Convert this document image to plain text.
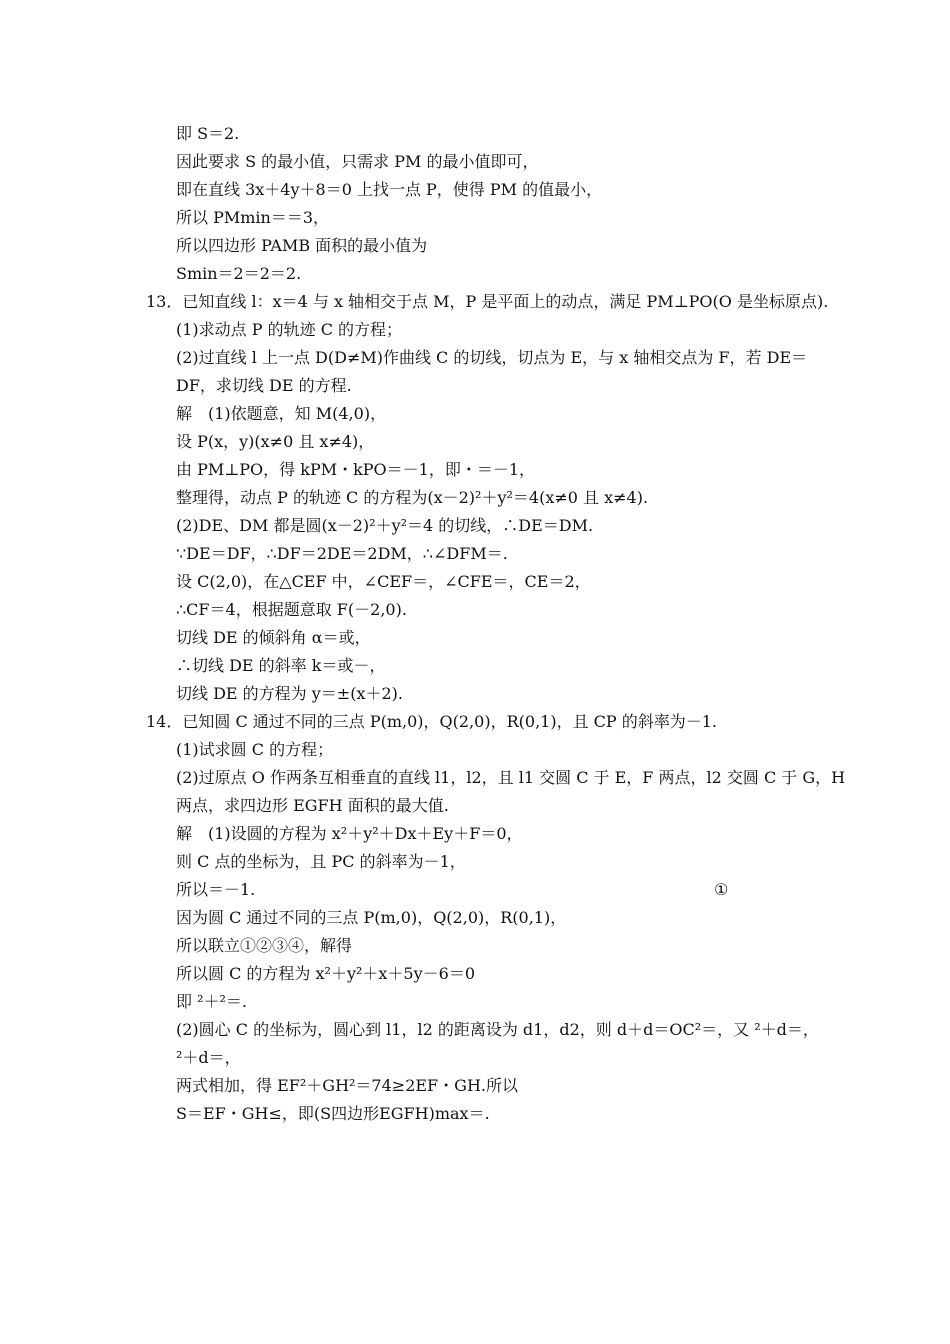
即 S＝2.
因此要求 S 的最小值，只需求 PM 的最小值即可，
即在直线 3x＋4y＋8＝0 上找一点 P，使得 PM 的值最小，
所以 PMmin＝＝3，
所以四边形 PAMB 面积的最小值为
Smin＝2＝2＝2.
13．已知直线 l：x＝4 与 x 轴相交于点 M，P 是平面上的动点，满足 PM⊥PO(O 是坐标原点).
(1)求动点 P 的轨迹 C 的方程；
(2)过直线 l 上一点 D(D≠M)作曲线 C 的切线，切点为 E，与 x 轴相交点为 F，若 DE＝
DF，求切线 DE 的方程.
解　(1)依题意，知 M(4,0)，
设 P(x，y)(x≠0 且 x≠4)，
由 PM⊥PO，得 kPM・kPO＝－1，即・＝－1，
整理得，动点 P 的轨迹 C 的方程为(x－2)²＋y²＝4(x≠0 且 x≠4).
(2)DE、DM 都是圆(x－2)²＋y²＝4 的切线，∴DE＝DM.
∵DE＝DF，∴DF＝2DE＝2DM，∴∠DFM＝.
设 C(2,0)，在△CEF 中，∠CEF＝，∠CFE＝，CE＝2，
∴CF＝4，根据题意取 F(－2,0).
切线 DE 的倾斜角 α＝或，
∴切线 DE 的斜率 k＝或－，
切线 DE 的方程为 y＝±(x＋2).
14．已知圆 C 通过不同的三点 P(m,0)，Q(2,0)，R(0,1)，且 CP 的斜率为－1.
(1)试求圆 C 的方程；
(2)过原点 O 作两条互相垂直的直线 l1，l2，且 l1 交圆 C 于 E，F 两点，l2 交圆 C 于 G，H
两点，求四边形 EGFH 面积的最大值.
解　(1)设圆的方程为 x²＋y²＋Dx＋Ey＋F＝0，
则 C 点的坐标为，且 PC 的斜率为－1，
所以＝－1.	①
因为圆 C 通过不同的三点 P(m,0)，Q(2,0)，R(0,1)，
所以联立①②③④，解得
所以圆 C 的方程为 x²＋y²＋x＋5y－6＝0
即 ²＋²＝.
(2)圆心 C 的坐标为，圆心到 l1，l2 的距离设为 d1，d2，则 d＋d＝OC²＝，又 ²＋d＝，
²＋d＝，
两式相加，得 EF²＋GH²＝74≥2EF・GH.所以
S＝EF・GH≤，即(S四边形EGFH)max＝.
